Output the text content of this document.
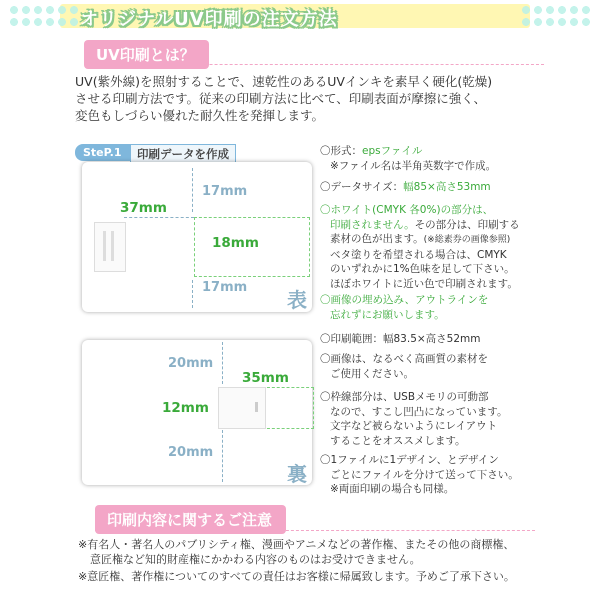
オリジナルUV印刷の注文方法
UV印刷とは？
UV(紫外線)を照射することで、速乾性のあるUVインキを素早く硬化(乾燥)
させる印刷方法です。従来の印刷方法に比べて、印刷表面が摩擦に強く、
変色もしづらい優れた耐久性を発揮します。
SteP.1	印刷データを作成
17mm
37mm
18mm
17mm
表
20mm
35mm
12mm
20mm
裏
〇形式：epsファイル
※ファイル名は半角英数字で作成。
〇データサイズ：幅85×高さ53mm
〇ホワイト(CMYK 各0%)の部分は、
印刷されません。その部分は、印刷する
素材の色が出ます。(※総素券の画像参照)
ベタ塗りを希望される場合は、CMYK
のいずれかに1%色味を足して下さい。
ほぼホワイトに近い色で印刷されます。
〇画像の埋め込み、アウトラインを
忘れずにお願いします。
〇印刷範囲：幅83.5×高さ52mm
〇画像は、なるべく高画質の素材を
ご使用ください。
〇枠線部分は、USBメモリの可動部
なので、すこし凹凸になっています。
文字など被らないようにレイアウト
することをオススメします。
〇1ファイルに1デザイン、とデザイン
ごとにファイルを分けて送って下さい。
※両面印刷の場合も同様。
印刷内容に関するご注意
※有名人・著名人のパブリシティ権、漫画やアニメなどの著作権、またその他の商標権、
意匠権など知的財産権にかかわる内容のものはお受けできません。
※意匠権、著作権についてのすべての責任はお客様に帰属致します。予めご了承下さい。
